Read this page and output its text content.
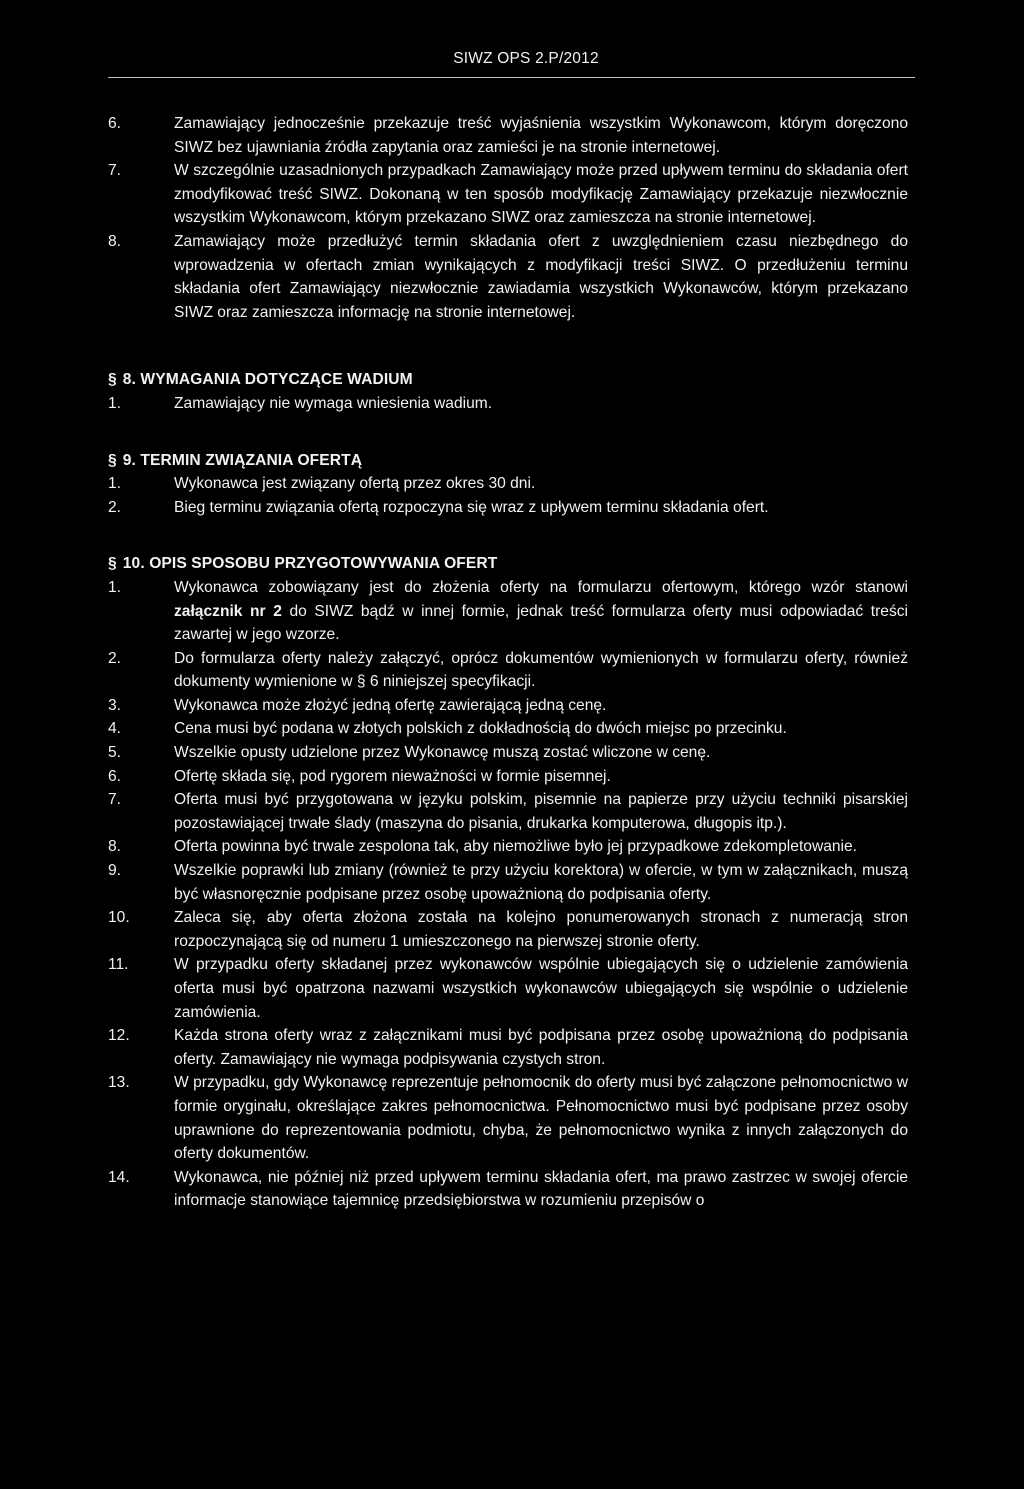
SIWZ OPS 2.P/2012
6.	Zamawiający jednocześnie przekazuje treść wyjaśnienia wszystkim Wykonawcom, którym doręczono SIWZ bez ujawniania źródła zapytania oraz zamieści je na stronie internetowej.
7.	W szczególnie uzasadnionych przypadkach Zamawiający może przed upływem terminu do składania ofert zmodyfikować treść SIWZ. Dokonaną w ten sposób modyfikację Zamawiający przekazuje niezwłocznie wszystkim Wykonawcom, którym przekazano SIWZ oraz zamieszcza na stronie internetowej.
8.	Zamawiający może przedłużyć termin składania ofert z uwzględnieniem czasu niezbędnego do wprowadzenia w ofertach zmian wynikających z modyfikacji treści SIWZ. O przedłużeniu terminu składania ofert Zamawiający niezwłocznie zawiadamia wszystkich Wykonawców, którym przekazano SIWZ oraz zamieszcza informację na stronie internetowej.
§ 8. WYMAGANIA DOTYCZĄCE WADIUM
1.	Zamawiający nie wymaga wniesienia wadium.
§ 9. TERMIN ZWIĄZANIA OFERTĄ
1.	Wykonawca jest związany ofertą przez okres 30 dni.
2.	Bieg terminu związania ofertą rozpoczyna się wraz z upływem terminu składania ofert.
§ 10. OPIS SPOSOBU PRZYGOTOWYWANIA OFERT
1.	Wykonawca zobowiązany jest do złożenia oferty na formularzu ofertowym, którego wzór stanowi załącznik nr 2 do SIWZ bądź w innej formie, jednak treść formularza oferty musi odpowiadać treści zawartej w jego wzorze.
2.	Do formularza oferty należy załączyć, oprócz dokumentów wymienionych w formularzu oferty, również dokumenty wymienione w § 6 niniejszej specyfikacji.
3.	Wykonawca może złożyć jedną ofertę zawierającą jedną cenę.
4.	Cena musi być podana w złotych polskich z dokładnością do dwóch miejsc po przecinku.
5.	Wszelkie opusty udzielone przez Wykonawcę muszą zostać wliczone w cenę.
6.	Ofertę składa się, pod rygorem nieważności w formie pisemnej.
7.	Oferta musi być przygotowana w języku polskim, pisemnie na papierze przy użyciu techniki pisarskiej pozostawiającej trwałe ślady (maszyna do pisania, drukarka komputerowa, długopis itp.).
8.	Oferta powinna być trwale zespolona tak, aby niemożliwe było jej przypadkowe zdekompletowanie.
9.	Wszelkie poprawki lub zmiany (również te przy użyciu korektora) w ofercie, w tym w załącznikach, muszą być własnoręcznie podpisane przez osobę upoważnioną do podpisania oferty.
10.	Zaleca się, aby oferta złożona została na kolejno ponumerowanych stronach z numeracją stron rozpoczynającą się od numeru 1 umieszczonego na pierwszej stronie oferty.
11.	W przypadku oferty składanej przez wykonawców wspólnie ubiegających się o udzielenie zamówienia oferta musi być opatrzona nazwami wszystkich wykonawców ubiegających się wspólnie o udzielenie zamówienia.
12.	Każda strona oferty wraz z załącznikami musi być podpisana przez osobę upoważnioną do podpisania oferty. Zamawiający nie wymaga podpisywania czystych stron.
13.	W przypadku, gdy Wykonawcę reprezentuje pełnomocnik do oferty musi być załączone pełnomocnictwo w formie oryginału, określające zakres pełnomocnictwa. Pełnomocnictwo musi być podpisane przez osoby uprawnione do reprezentowania podmiotu, chyba, że pełnomocnictwo wynika z innych załączonych do oferty dokumentów.
14.	Wykonawca, nie później niż przed upływem terminu składania ofert, ma prawo zastrzec w swojej ofercie informacje stanowiące tajemnicę przedsiębiorstwa w rozumieniu przepisów o
